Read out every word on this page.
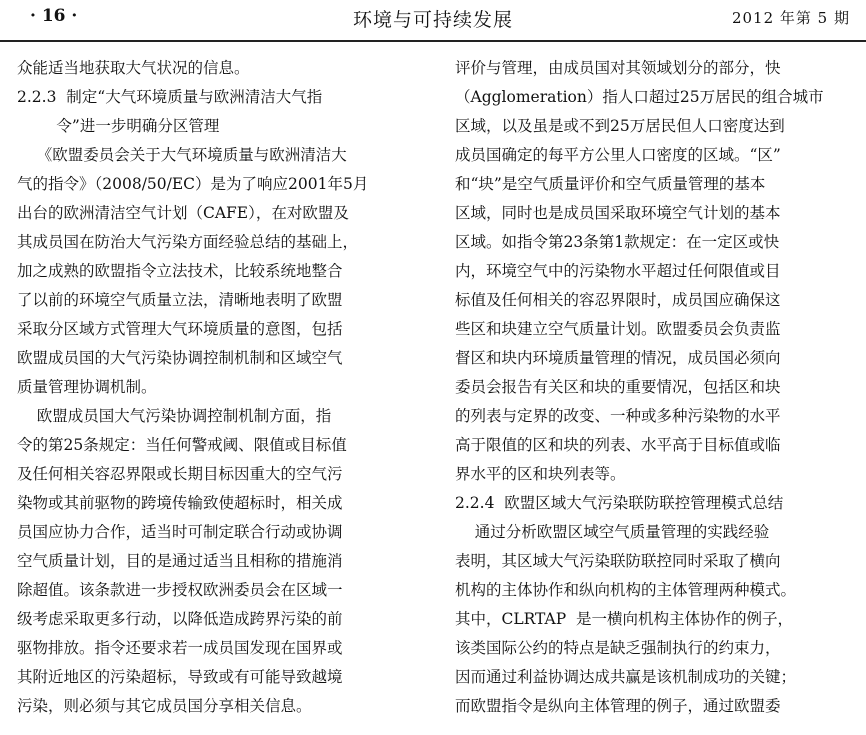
· 16 ·	环境与可持续发展	2012 年第 5 期
众能适当地获取大气状况的信息。
2.2.3  制定“大气环境质量与欧洲清洁大气指
令”进一步明确分区管理
《欧盟委员会关于大气环境质量与欧洲清洁大
气的指令》（2008/50/EC）是为了响应2001年5月
出台的欧洲清洁空气计划（CAFE），在对欧盟及
其成员国在防治大气污染方面经验总结的基础上，
加之成熟的欧盟指令立法技术，比较系统地整合
了以前的环境空气质量立法，清晰地表明了欧盟
采取分区域方式管理大气环境质量的意图，包括
欧盟成员国的大气污染协调控制机制和区域空气
质量管理协调机制。
欧盟成员国大气污染协调控制机制方面，指
令的第25条规定：当任何警戒阈、限值或目标值
及任何相关容忍界限或长期目标因重大的空气污
染物或其前驱物的跨境传输致使超标时，相关成
员国应协力合作，适当时可制定联合行动或协调
空气质量计划，目的是通过适当且相称的措施消
除超值。该条款进一步授权欧洲委员会在区域一
级考虑采取更多行动，以降低造成跨界污染的前
驱物排放。指令还要求若一成员国发现在国界或
其附近地区的污染超标，导致或有可能导致越境
污染，则必须与其它成员国分享相关信息。
评价与管理，由成员国对其领域划分的部分，快
（Agglomeration）指人口超过25万居民的组合城市
区域，以及虽是或不到25万居民但人口密度达到
成员国确定的每平方公里人口密度的区域。“区”
和“块”是空气质量评价和空气质量管理的基本
区域，同时也是成员国采取环境空气计划的基本
区域。如指令第23条第1款规定：在一定区或快
内，环境空气中的污染物水平超过任何限值或目
标值及任何相关的容忍界限时，成员国应确保这
些区和块建立空气质量计划。欧盟委员会负责监
督区和块内环境质量管理的情况，成员国必须向
委员会报告有关区和块的重要情况，包括区和块
的列表与定界的改变、一种或多种污染物的水平
高于限值的区和块的列表、水平高于目标值或临
界水平的区和块列表等。
2.2.4  欧盟区域大气污染联防联控管理模式总结
通过分析欧盟区域空气质量管理的实践经验
表明，其区域大气污染联防联控同时采取了横向
机构的主体协作和纵向机构的主体管理两种模式。
其中，CLRTAP  是一横向机构主体协作的例子，
该类国际公约的特点是缺乏强制执行的约束力，
因而通过利益协调达成共赢是该机制成功的关键；
而欧盟指令是纵向主体管理的例子，通过欧盟委
